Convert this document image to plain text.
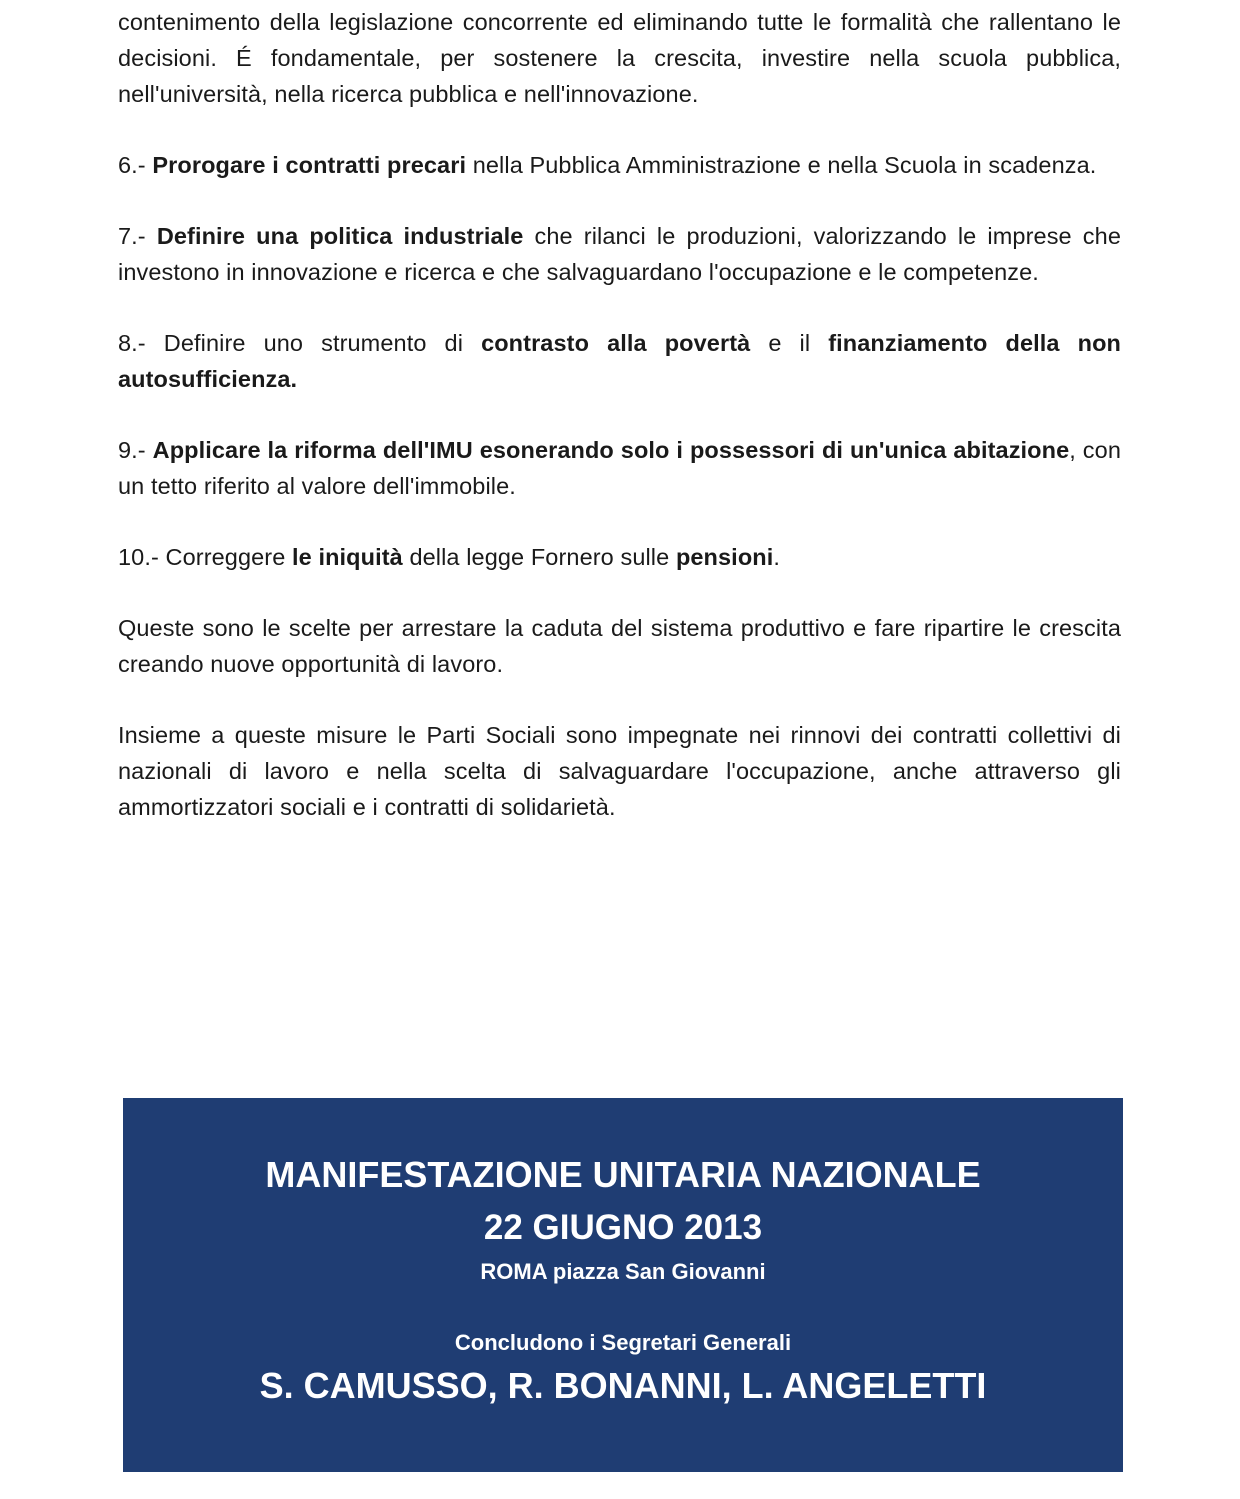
contenimento della legislazione concorrente ed eliminando tutte le formalità che rallentano le decisioni. É fondamentale, per sostenere la crescita, investire nella scuola pubblica, nell'università, nella ricerca pubblica e nell'innovazione.

6.- Prorogare i contratti precari nella Pubblica Amministrazione e nella Scuola in scadenza.

7.- Definire una politica industriale che rilanci le produzioni, valorizzando le imprese che investono in innovazione e ricerca e che salvaguardano l'occupazione e le competenze.

8.- Definire uno strumento di contrasto alla povertà e il finanziamento della non autosufficienza.

9.- Applicare la riforma dell'IMU esonerando solo i possessori di un'unica abitazione, con un tetto riferito al valore dell'immobile.

10.- Correggere le iniquità della legge Fornero sulle pensioni.

Queste sono le scelte per arrestare la caduta del sistema produttivo e fare ripartire le crescita creando nuove opportunità di lavoro.

Insieme a queste misure le Parti Sociali sono impegnate nei rinnovi dei contratti collettivi di nazionali di lavoro e nella scelta di salvaguardare l'occupazione, anche attraverso gli ammortizzatori sociali e i contratti di solidarietà.

MANIFESTAZIONE UNITARIA NAZIONALE
22 GIUGNO 2013
ROMA piazza San Giovanni
Concludono i Segretari Generali
S. CAMUSSO, R. BONANNI, L. ANGELETTI
